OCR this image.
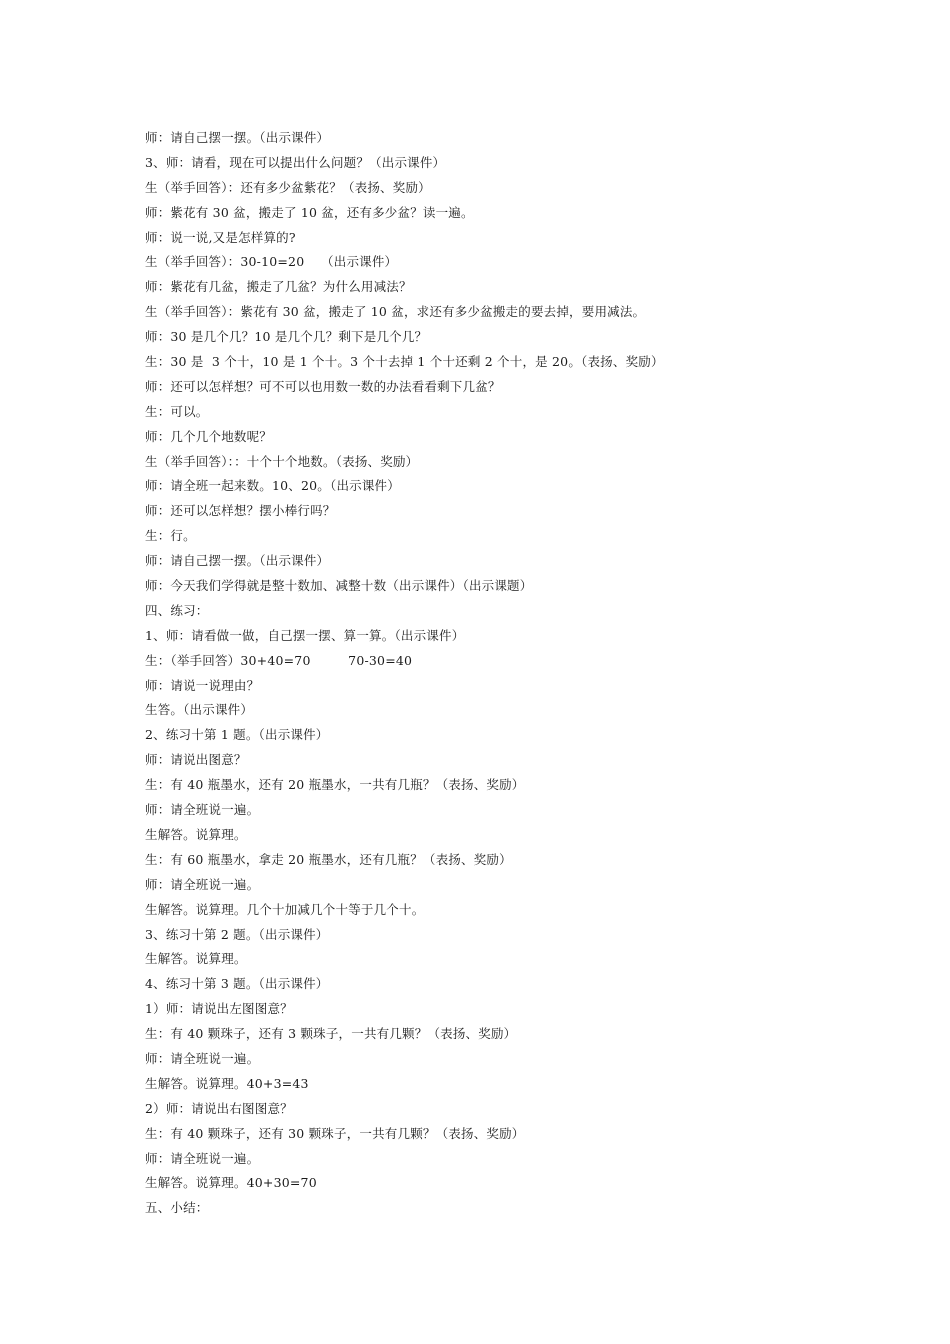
师：请自己摆一摆。（出示课件）
3、师：请看，现在可以提出什么问题？（出示课件）
生（举手回答）：还有多少盆紫花？（表扬、奖励）
师：紫花有 30 盆，搬走了 10 盆，还有多少盆？读一遍。
师：说一说,又是怎样算的?
生（举手回答）：30-10=20    （出示课件）
师：紫花有几盆，搬走了几盆？为什么用减法？
生（举手回答）：紫花有 30 盆，搬走了 10 盆，求还有多少盆搬走的要去掉，要用减法。
师：30 是几个几？10 是几个几？剩下是几个几？
生：30 是  3 个十，10 是 1 个十。3 个十去掉 1 个十还剩 2 个十，是 20。（表扬、奖励）
师：还可以怎样想？可不可以也用数一数的办法看看剩下几盆？
生：可以。
师：几个几个地数呢？
生（举手回答）：：十个十个地数。（表扬、奖励）
师：请全班一起来数。10、20。（出示课件）
师：还可以怎样想？摆小棒行吗？
生：行。
师：请自己摆一摆。（出示课件）
师：今天我们学得就是整十数加、减整十数（出示课件）（出示课题）
四、练习：
1、师：请看做一做，自己摆一摆、算一算。（出示课件）
生：（举手回答）30+40=70         70-30=40
师：请说一说理由？
生答。（出示课件）
2、练习十第 1 题。（出示课件）
师：请说出图意？
生：有 40 瓶墨水，还有 20 瓶墨水，一共有几瓶？（表扬、奖励）
师：请全班说一遍。
生解答。说算理。
生：有 60 瓶墨水，拿走 20 瓶墨水，还有几瓶？（表扬、奖励）
师：请全班说一遍。
生解答。说算理。几个十加减几个十等于几个十。
3、练习十第 2 题。（出示课件）
生解答。说算理。
4、练习十第 3 题。（出示课件）
1）师：请说出左图图意？
生：有 40 颗珠子，还有 3 颗珠子，一共有几颗？（表扬、奖励）
师：请全班说一遍。
生解答。说算理。40+3=43
2）师：请说出右图图意？
生：有 40 颗珠子，还有 30 颗珠子，一共有几颗？（表扬、奖励）
师：请全班说一遍。
生解答。说算理。40+30=70
五、小结：
